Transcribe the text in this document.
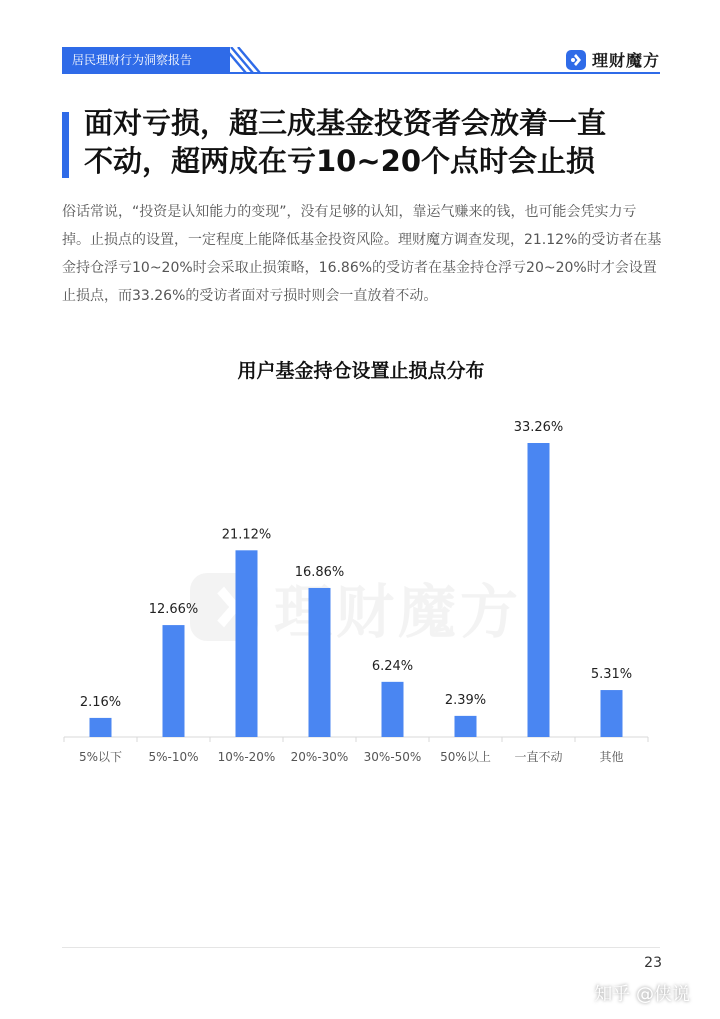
居民理财行为洞察报告	理财魔方
面对亏损，超三成基金投资者会放着一直
不动，超两成在亏10~20个点时会止损
俗话常说，“投资是认知能力的变现”，没有足够的认知，靠运气赚来的钱，也可能会凭实力亏掉。止损点的设置，一定程度上能降低基金投资风险。理财魔方调查发现，21.12%的受访者在基金持仓浮亏10~20%时会采取止损策略，16.86%的受访者在基金持仓浮亏20~20%时才会设置止损点，而33.26%的受访者面对亏损时则会一直放着不动。
用户基金持仓设置止损点分布
2.16%
5%以下
12.66%
5%-10%
21.12%
10%-20%
16.86%
20%-30%
6.24%
30%-50%
2.39%
50%以上
33.26%
一直不动
5.31%
其他
23
知乎 @侠说
